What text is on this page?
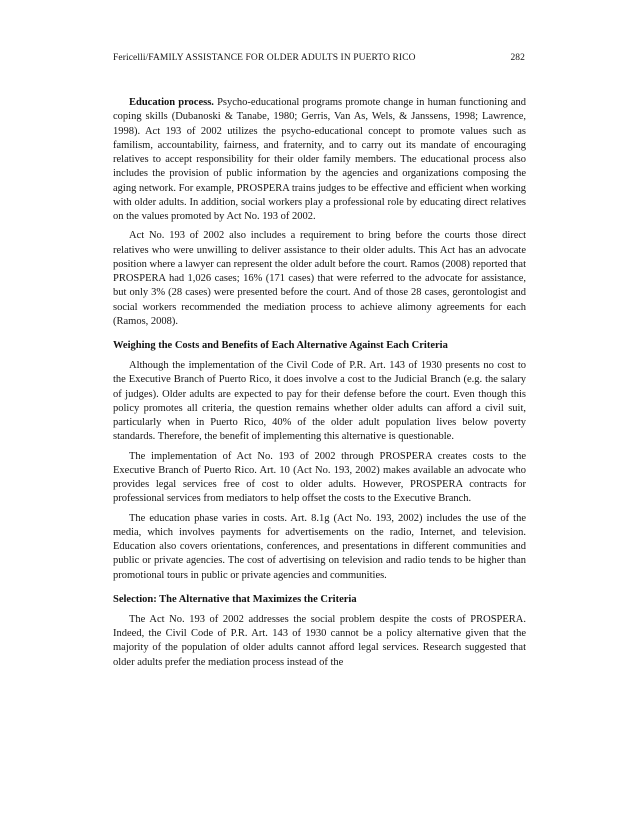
Fericelli/FAMILY ASSISTANCE FOR OLDER ADULTS IN PUERTO RICO	282

Education process. Psycho-educational programs promote change in human functioning and coping skills (Dubanoski & Tanabe, 1980; Gerris, Van As, Wels, & Janssens, 1998; Lawrence, 1998). Act 193 of 2002 utilizes the psycho-educational concept to promote values such as familism, accountability, fairness, and fraternity, and to carry out its mandate of encouraging relatives to accept responsibility for their older family members. The educational process also includes the provision of public information by the agencies and organizations composing the aging network. For example, PROSPERA trains judges to be effective and efficient when working with older adults. In addition, social workers play a professional role by educating direct relatives on the values promoted by Act No. 193 of 2002.

Act No. 193 of 2002 also includes a requirement to bring before the courts those direct relatives who were unwilling to deliver assistance to their older adults. This Act has an advocate position where a lawyer can represent the older adult before the court. Ramos (2008) reported that PROSPERA had 1,026 cases; 16% (171 cases) that were referred to the advocate for assistance, but only 3% (28 cases) were presented before the court. And of those 28 cases, gerontologist and social workers recommended the mediation process to achieve alimony agreements for each (Ramos, 2008).

Weighing the Costs and Benefits of Each Alternative Against Each Criteria

Although the implementation of the Civil Code of P.R. Art. 143 of 1930 presents no cost to the Executive Branch of Puerto Rico, it does involve a cost to the Judicial Branch (e.g. the salary of judges). Older adults are expected to pay for their defense before the court. Even though this policy promotes all criteria, the question remains whether older adults can afford a civil suit, particularly when in Puerto Rico, 40% of the older adult population lives below poverty standards. Therefore, the benefit of implementing this alternative is questionable.

The implementation of Act No. 193 of 2002 through PROSPERA creates costs to the Executive Branch of Puerto Rico. Art. 10 (Act No. 193, 2002) makes available an advocate who provides legal services free of cost to older adults. However, PROSPERA contracts for professional services from mediators to help offset the costs to the Executive Branch.

The education phase varies in costs. Art. 8.1g (Act No. 193, 2002) includes the use of the media, which involves payments for advertisements on the radio, Internet, and television. Education also covers orientations, conferences, and presentations in different communities and public or private agencies. The cost of advertising on television and radio tends to be higher than promotional tours in public or private agencies and communities.

Selection: The Alternative that Maximizes the Criteria

The Act No. 193 of 2002 addresses the social problem despite the costs of PROSPERA. Indeed, the Civil Code of P.R. Art. 143 of 1930 cannot be a policy alternative given that the majority of the population of older adults cannot afford legal services. Research suggested that older adults prefer the mediation process instead of the
